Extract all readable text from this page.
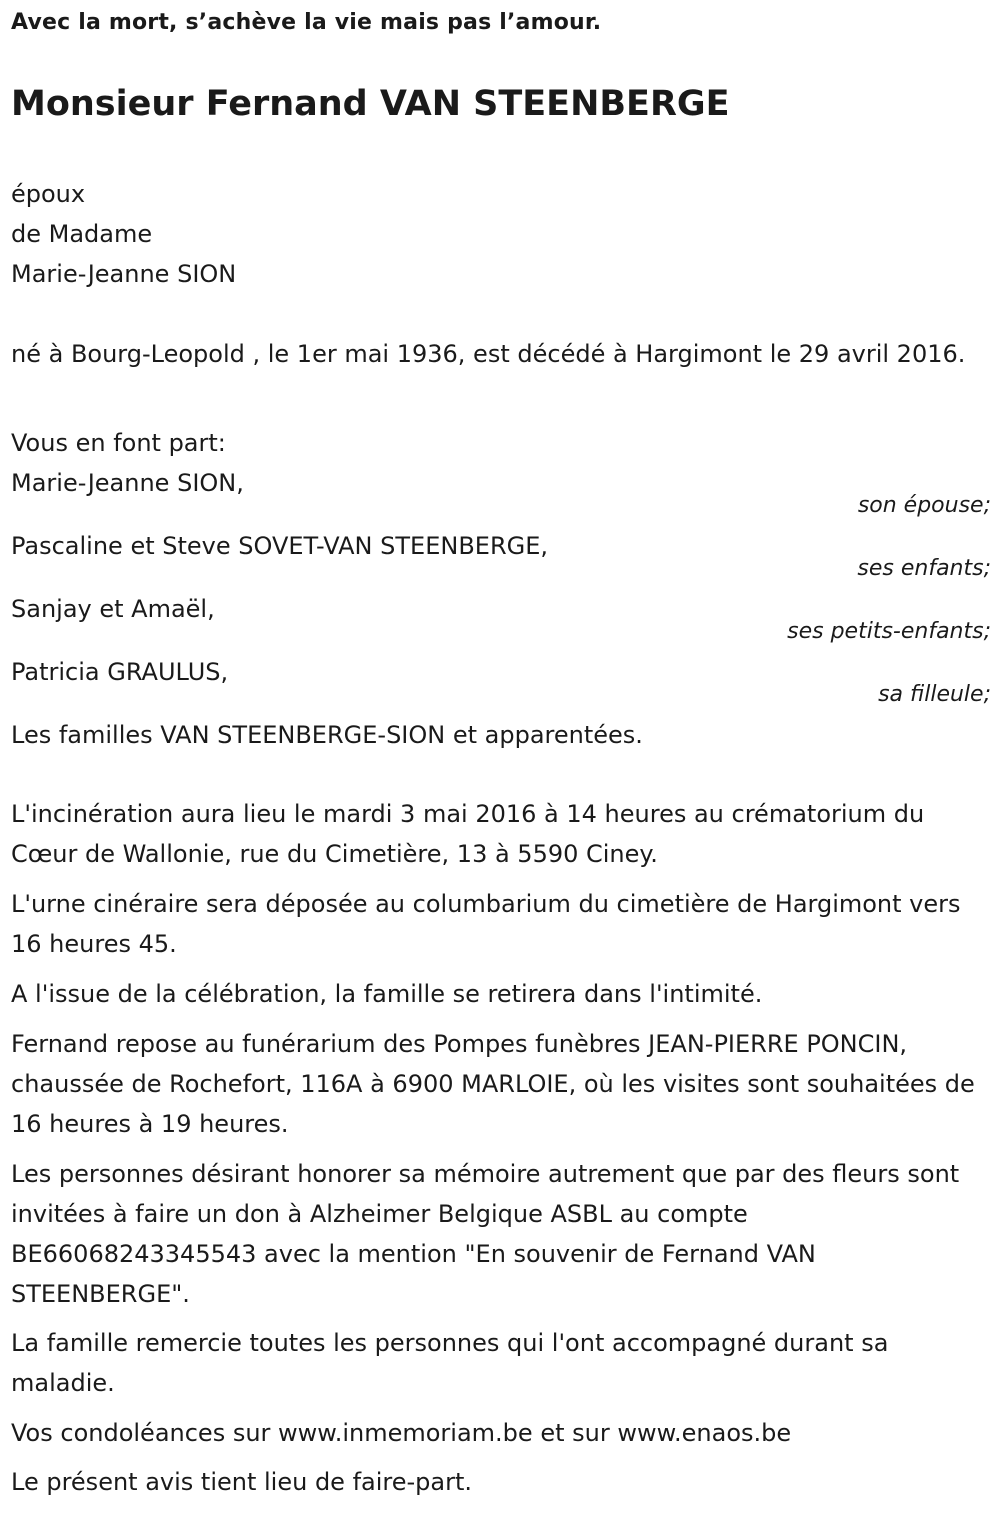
Avec la mort, s’achève la vie mais pas l’amour.
Monsieur Fernand VAN STEENBERGE
époux
de Madame
Marie-Jeanne SION
né à Bourg-Leopold , le 1er mai 1936, est décédé à Hargimont le 29 avril 2016.
Vous en font part:
Marie-Jeanne SION,
son épouse;
Pascaline et Steve SOVET-VAN STEENBERGE,
ses enfants;
Sanjay et Amaël,
ses petits-enfants;
Patricia GRAULUS,
sa filleule;
Les familles VAN STEENBERGE-SION et apparentées.
L'incinération aura lieu le mardi 3 mai 2016 à 14 heures au crématorium du Cœur de Wallonie, rue du Cimetière, 13 à 5590 Ciney.
L'urne cinéraire sera déposée au columbarium du cimetière de Hargimont vers 16 heures 45.
A l'issue de la célébration, la famille se retirera dans l'intimité.
Fernand repose au funérarium des Pompes funèbres JEAN-PIERRE PONCIN, chaussée de Rochefort, 116A à 6900 MARLOIE, où les visites sont souhaitées de 16 heures à 19 heures.
Les personnes désirant honorer sa mémoire autrement que par des fleurs sont invitées à faire un don à Alzheimer Belgique ASBL au compte BE66068243345543 avec la mention "En souvenir de Fernand VAN STEENBERGE".
La famille remercie toutes les personnes qui l'ont accompagné durant sa maladie.
Vos condoléances sur www.inmemoriam.be et sur www.enaos.be
Le présent avis tient lieu de faire-part.
